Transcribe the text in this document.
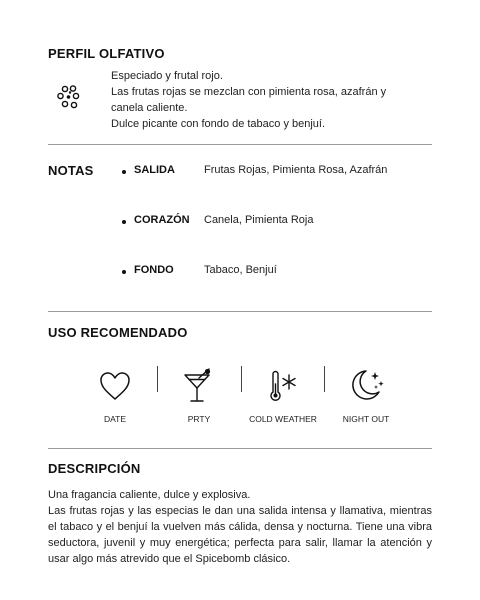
PERFIL OLFATIVO
Especiado y frutal rojo.
Las frutas rojas se mezclan con pimienta rosa, azafrán y canela caliente.
Dulce picante con fondo de tabaco y benjuí.
NOTAS	SALIDA	Frutas Rojas, Pimienta Rosa, Azafrán
CORAZÓN Canela, Pimienta Roja
FONDO	Tabaco, Benjuí
USO RECOMENDADO
DATE	PRTY	COLD WEATHER	NIGHT OUT
DESCRIPCIÓN

Una fragancia caliente, dulce y explosiva.

Las frutas rojas y las especias le dan una salida intensa y llamativa, mientras el tabaco y el benjuí la vuelven más cálida, densa y nocturna. Tiene una vibra seductora, juvenil y muy energética; perfecta para salir, llamar la atención y usar algo más atrevido que el Spicebomb clásico.
